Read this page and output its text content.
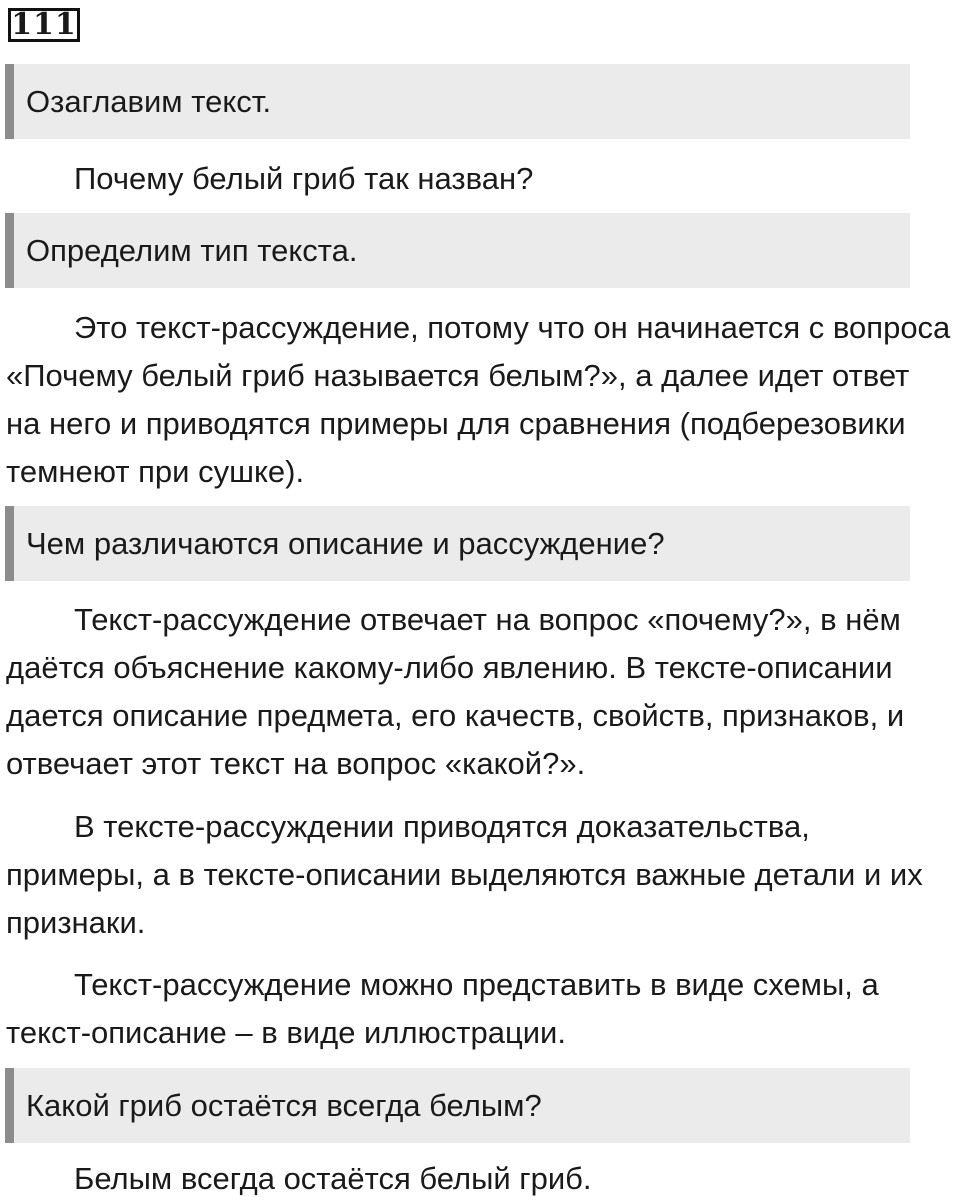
111
Озаглавим текст.

Почему белый гриб так назван?

Определим тип текста.

Это текст-рассуждение, потому что он начинается с вопроса «Почему белый гриб называется белым?», а далее идет ответ на него и приводятся примеры для сравнения (подберезовики темнеют при сушке).

Чем различаются описание и рассуждение?

Текст-рассуждение отвечает на вопрос «почему?», в нём даётся объяснение какому-либо явлению. В тексте-описании дается описание предмета, его качеств, свойств, признаков, и отвечает этот текст на вопрос «какой?».

В тексте-рассуждении приводятся доказательства, примеры, а в тексте-описании выделяются важные детали и их признаки.

Текст-рассуждение можно представить в виде схемы, а текст-описание – в виде иллюстрации.

Какой гриб остаётся всегда белым?

Белым всегда остаётся белый гриб.
